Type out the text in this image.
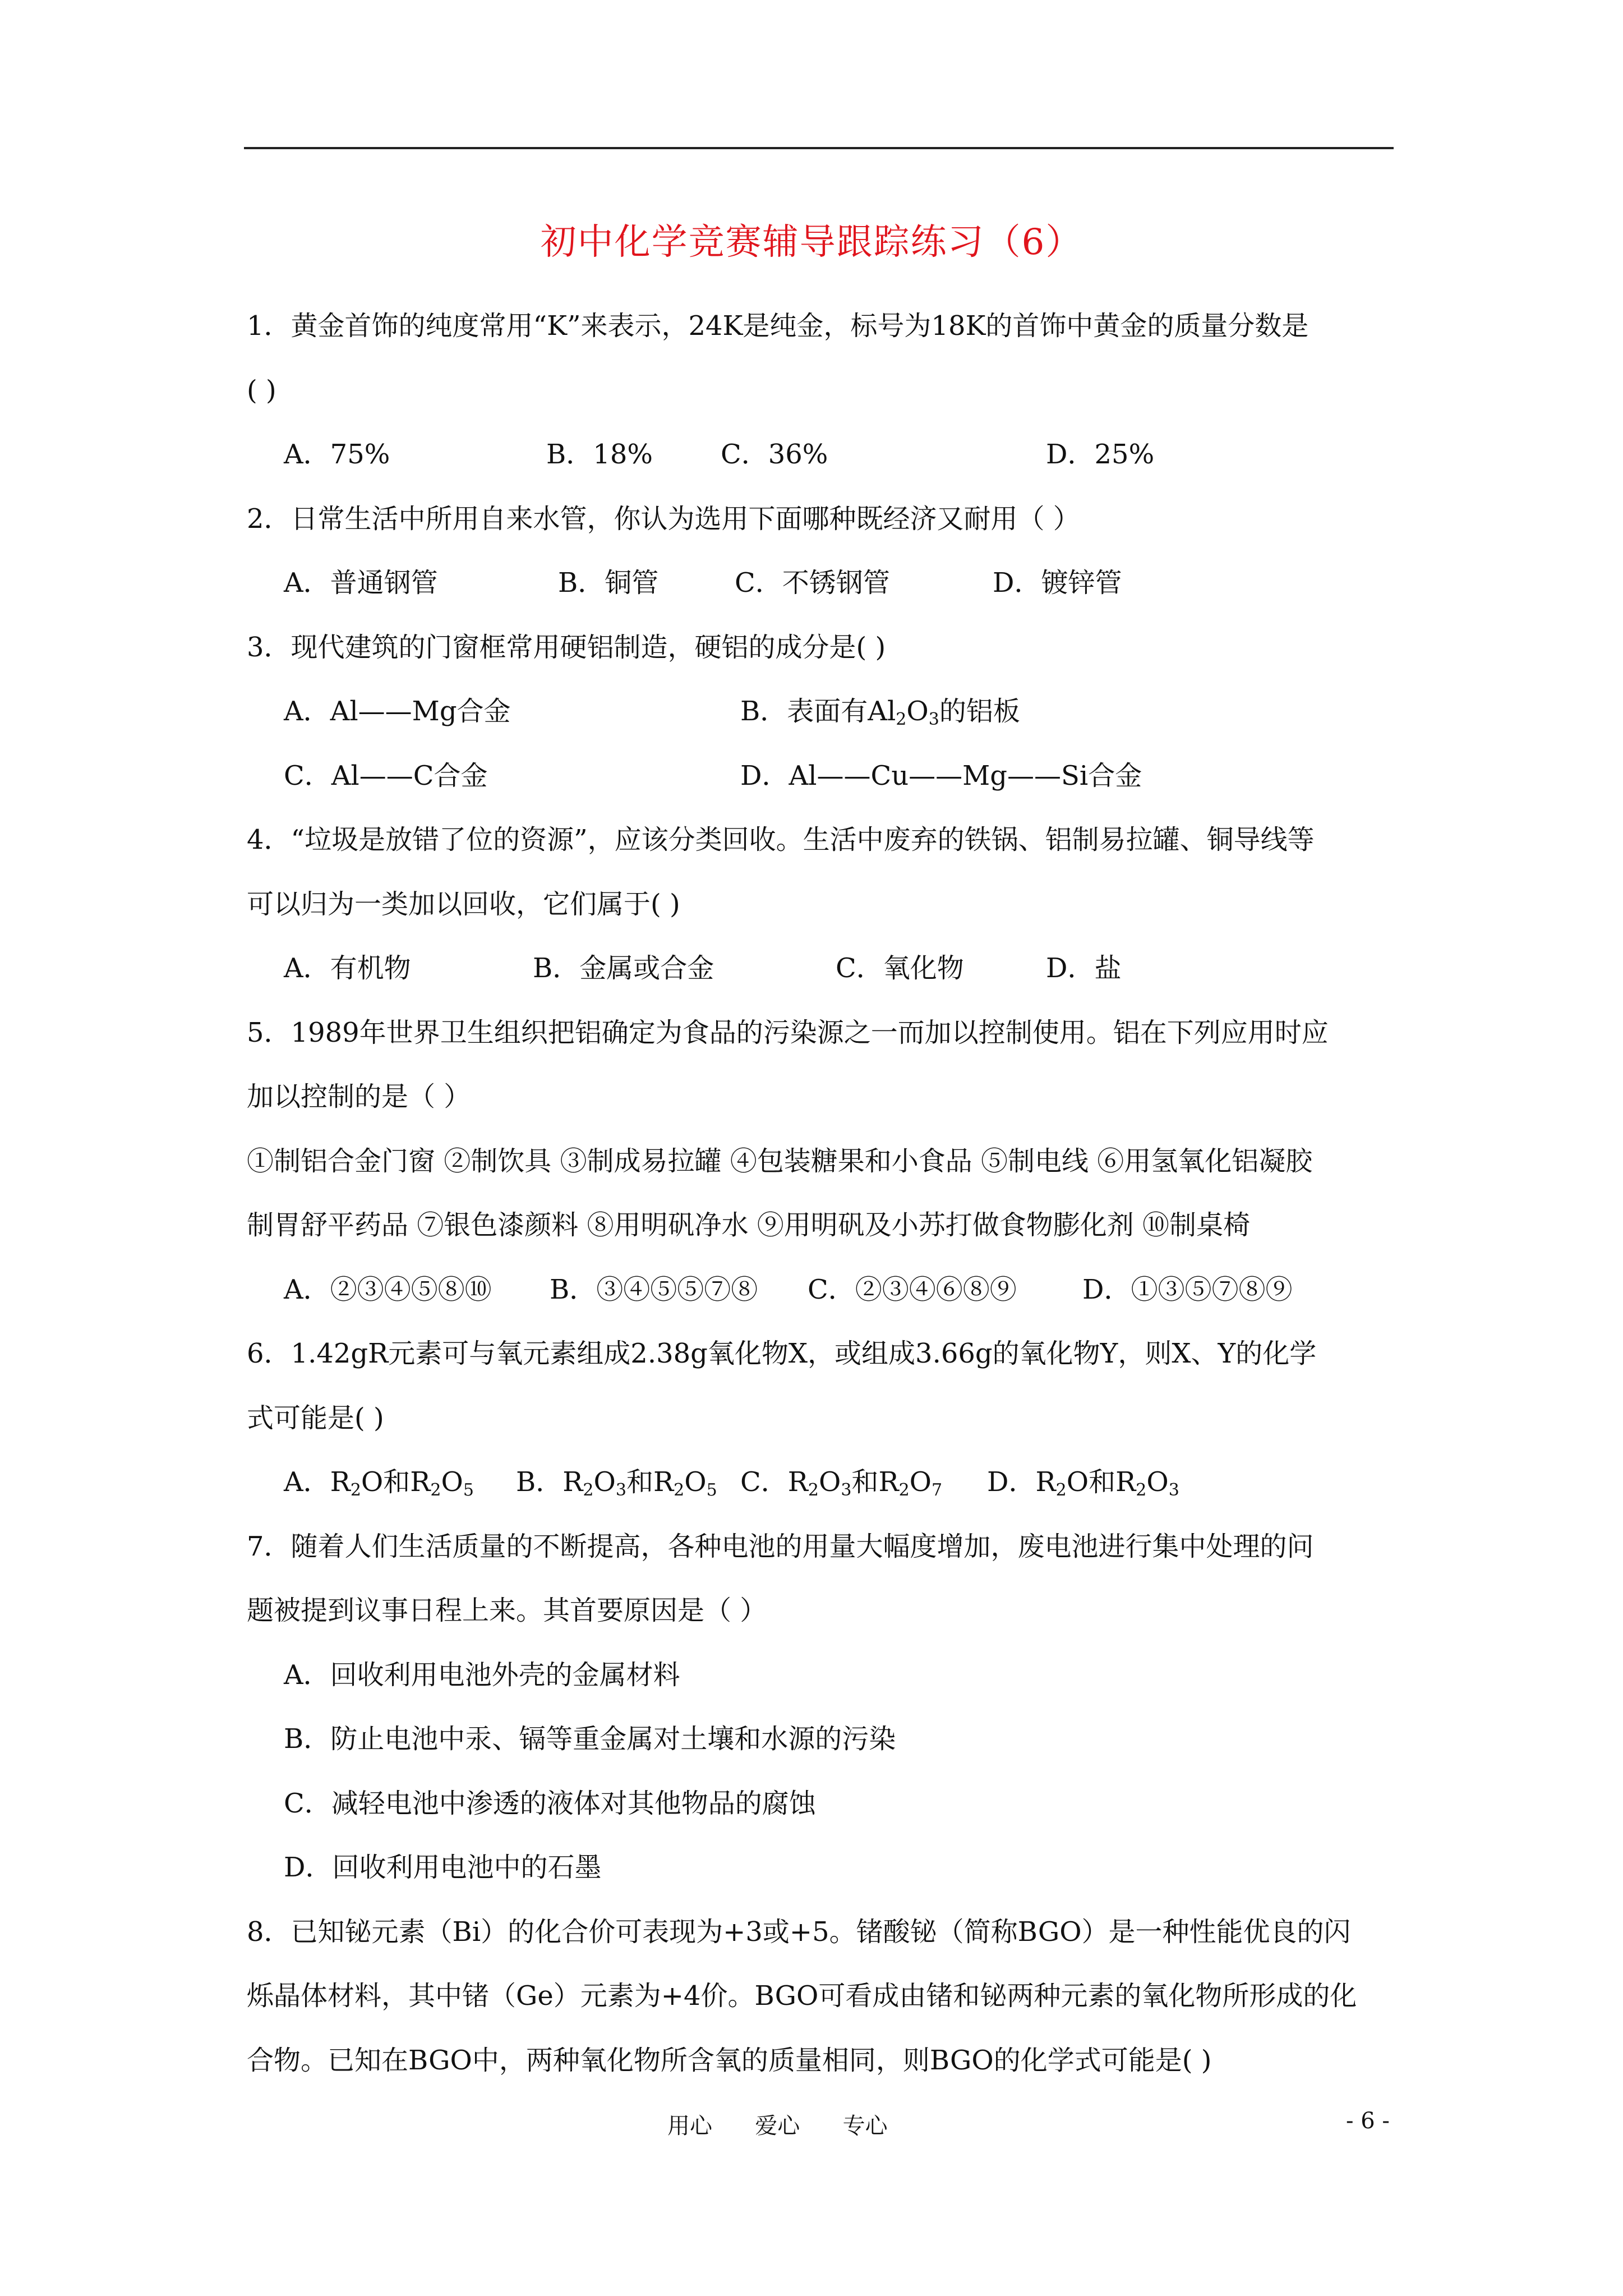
初中化学竞赛辅导跟踪练习（6）
1．黄金首饰的纯度常用“K”来表示，24K是纯金，标号为18K的首饰中黄金的质量分数是
( )
A．75%	B．18%	C．36%	D．25%
2．日常生活中所用自来水管，你认为选用下面哪种既经济又耐用（ ）
A．普通钢管	B．铜管	C．不锈钢管	D．镀锌管
3．现代建筑的门窗框常用硬铝制造，硬铝的成分是( )
A．Al——Mg合金	B．表面有$Al_2O_3$的铝板
C．Al——C合金	D．Al——Cu——Mg——Si合金
4．“垃圾是放错了位的资源”，应该分类回收。生活中废弃的铁锅、铝制易拉罐、铜导线等
可以归为一类加以回收，它们属于( )
A．有机物	B．金属或合金	C．氧化物	D．盐
5．1989年世界卫生组织把铝确定为食品的污染源之一而加以控制使用。铝在下列应用时应
加以控制的是（ ）
①制铝合金门窗 ②制饮具 ③制成易拉罐 ④包装糖果和小食品 ⑤制电线 ⑥用氢氧化铝凝胶
制胃舒平药品 ⑦银色漆颜料 ⑧用明矾净水 ⑨用明矾及小苏打做食物膨化剂 ⑩制桌椅
A．②③④⑤⑧⑩ B．③④⑤⑤⑦⑧ C．②③④⑥⑧⑨ D．①③⑤⑦⑧⑨
6．1.42gR元素可与氧元素组成2.38g氧化物X，或组成3.66g的氧化物Y，则X、Y的化学
式可能是( )
A．$R_2O$和$R_2O_5$ B．$R_2O_3$和$R_2O_5$ C．$R_2O_3$和$R_2O_7$ D．$R_2O$和$R_2O_3$
7．随着人们生活质量的不断提高，各种电池的用量大幅度增加，废电池进行集中处理的问
题被提到议事日程上来。其首要原因是（ ）
A．回收利用电池外壳的金属材料
B．防止电池中汞、镉等重金属对土壤和水源的污染
C．减轻电池中渗透的液体对其他物品的腐蚀
D．回收利用电池中的石墨
8．已知铋元素（Bi）的化合价可表现为+3或+5。锗酸铋（简称BGO）是一种性能优良的闪
烁晶体材料，其中锗（Ge）元素为+4价。BGO可看成由锗和铋两种元素的氧化物所形成的化
合物。已知在BGO中，两种氧化物所含氧的质量相同，则BGO的化学式可能是( )
用心      爱心      专心	- 6 -
